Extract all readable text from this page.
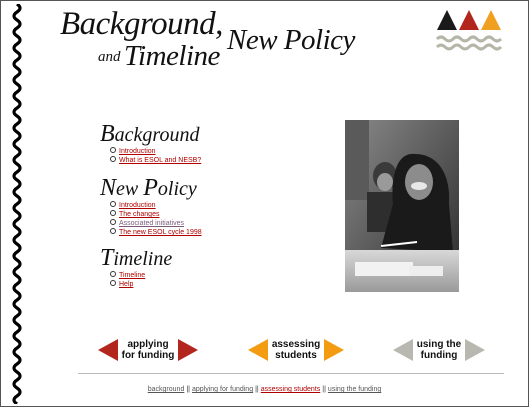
Background,
and Timeline New Policy
Background
Introduction
What is ESOL and NESB?
New Policy
Introduction
The changes
Associated initiatives
The new ESOL cycle 1998
Timeline
Timeline
Help
applying
for funding
assessing
students
using the
funding
background || applying for funding || assessing students || using the funding
